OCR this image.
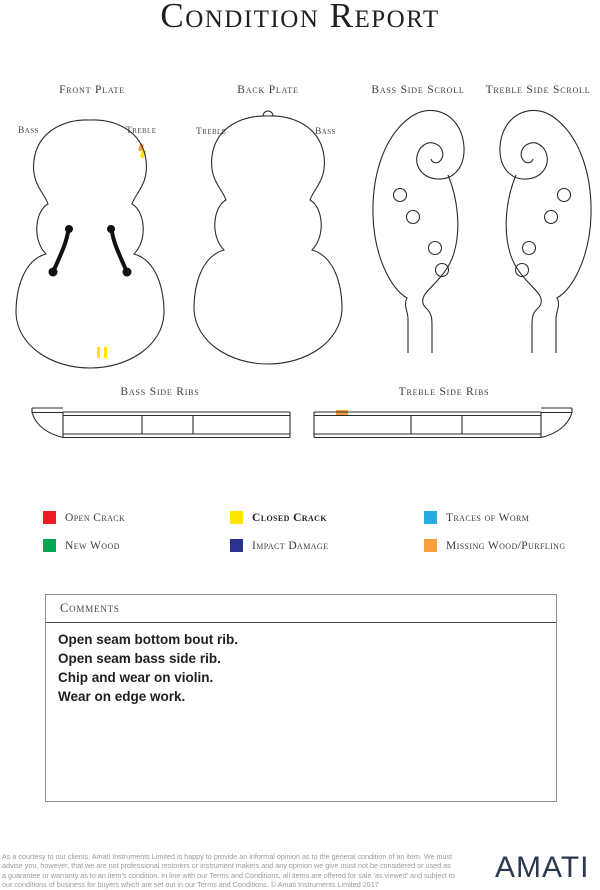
Condition Report
Front Plate	Back Plate	Bass Side Scroll	Treble Side Scroll
Bass	Treble	Treble	Bass
Bass Side Ribs	Treble Side Ribs
Open Crack	Closed Crack	Traces of Worm
New Wood	Impact Damage	Missing Wood/Purfling
Comments
Open seam bottom bout rib.
Open seam bass side rib.
Chip and wear on violin.
Wear on edge work.
As a courtesy to our clients, Amati Instruments Limited is happy to provide an informal opinion as to the general condition of an item. We must
advise you, however, that we are not professional restorers or instrument makers and any opinion we give must not be considered or used as
a guarantee or warranty as to an item's condition. In line with our Terms and Conditions, all items are offered for sale 'as viewed' and subject to
our conditions of business for buyers which are set out in our Terms and Conditions. © Amati Instruments Limited 2017
AMATI
